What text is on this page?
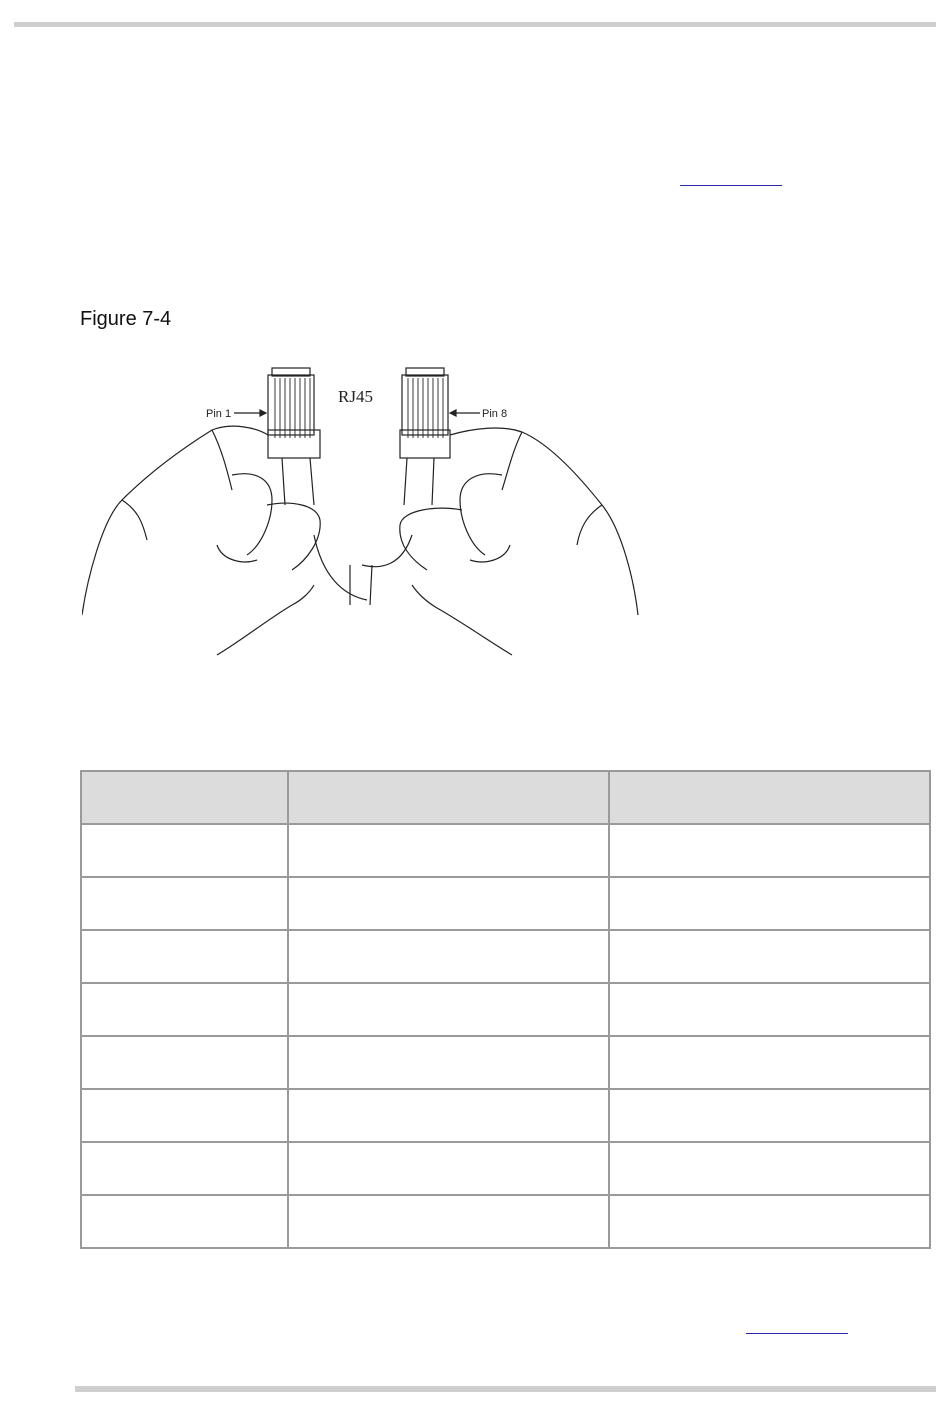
Figure 7-4
Pin 1	Pin 8
RJ45
